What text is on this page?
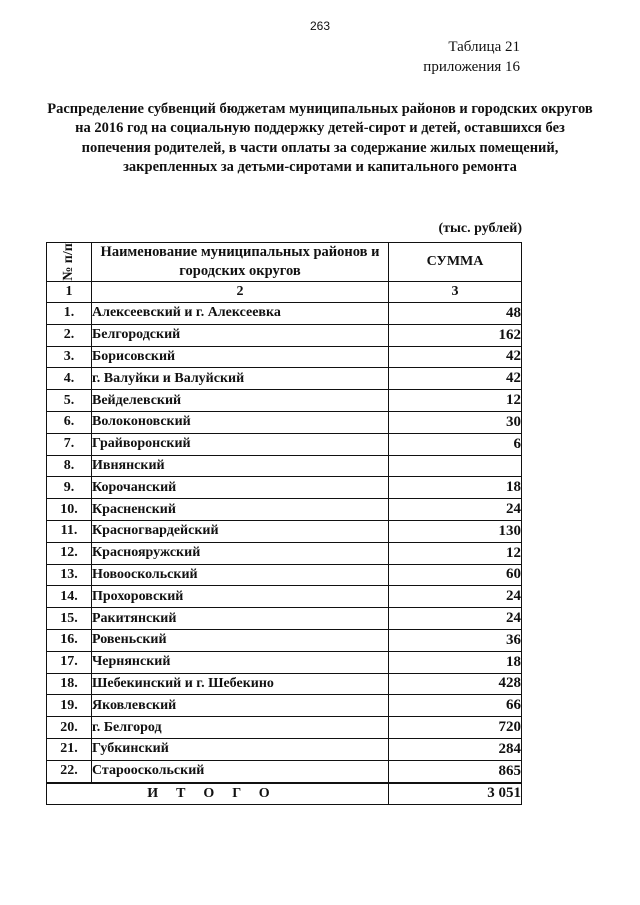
263
Таблица 21
приложения 16
Распределение субвенций бюджетам муниципальных районов и городских округов на 2016 год на социальную поддержку детей-сирот и детей, оставшихся без попечения родителей, в части оплаты за содержание жилых помещений, закрепленных за детьми-сиротами и капитального ремонта
(тыс. рублей)
№ п/п	Наименование муниципальных районов и городских округов	СУММА
1	2	3
1.	Алексеевский и г. Алексеевка	48
2.	Белгородский	162
3.	Борисовский	42
4.	г. Валуйки и Валуйский	42
5.	Вейделевский	12
6.	Волоконовский	30
7.	Грайворонский	6
8.	Ивнянский	
9.	Корочанский	18
10.	Красненский	24
11.	Красногвардейский	130
12.	Краснояружский	12
13.	Новооскольский	60
14.	Прохоровский	24
15.	Ракитянский	24
16.	Ровеньский	36
17.	Чернянский	18
18.	Шебекинский и г. Шебекино	428
19.	Яковлевский	66
20.	г. Белгород	720
21.	Губкинский	284
22.	Старооскольский	865
ИТОГО		3 051
